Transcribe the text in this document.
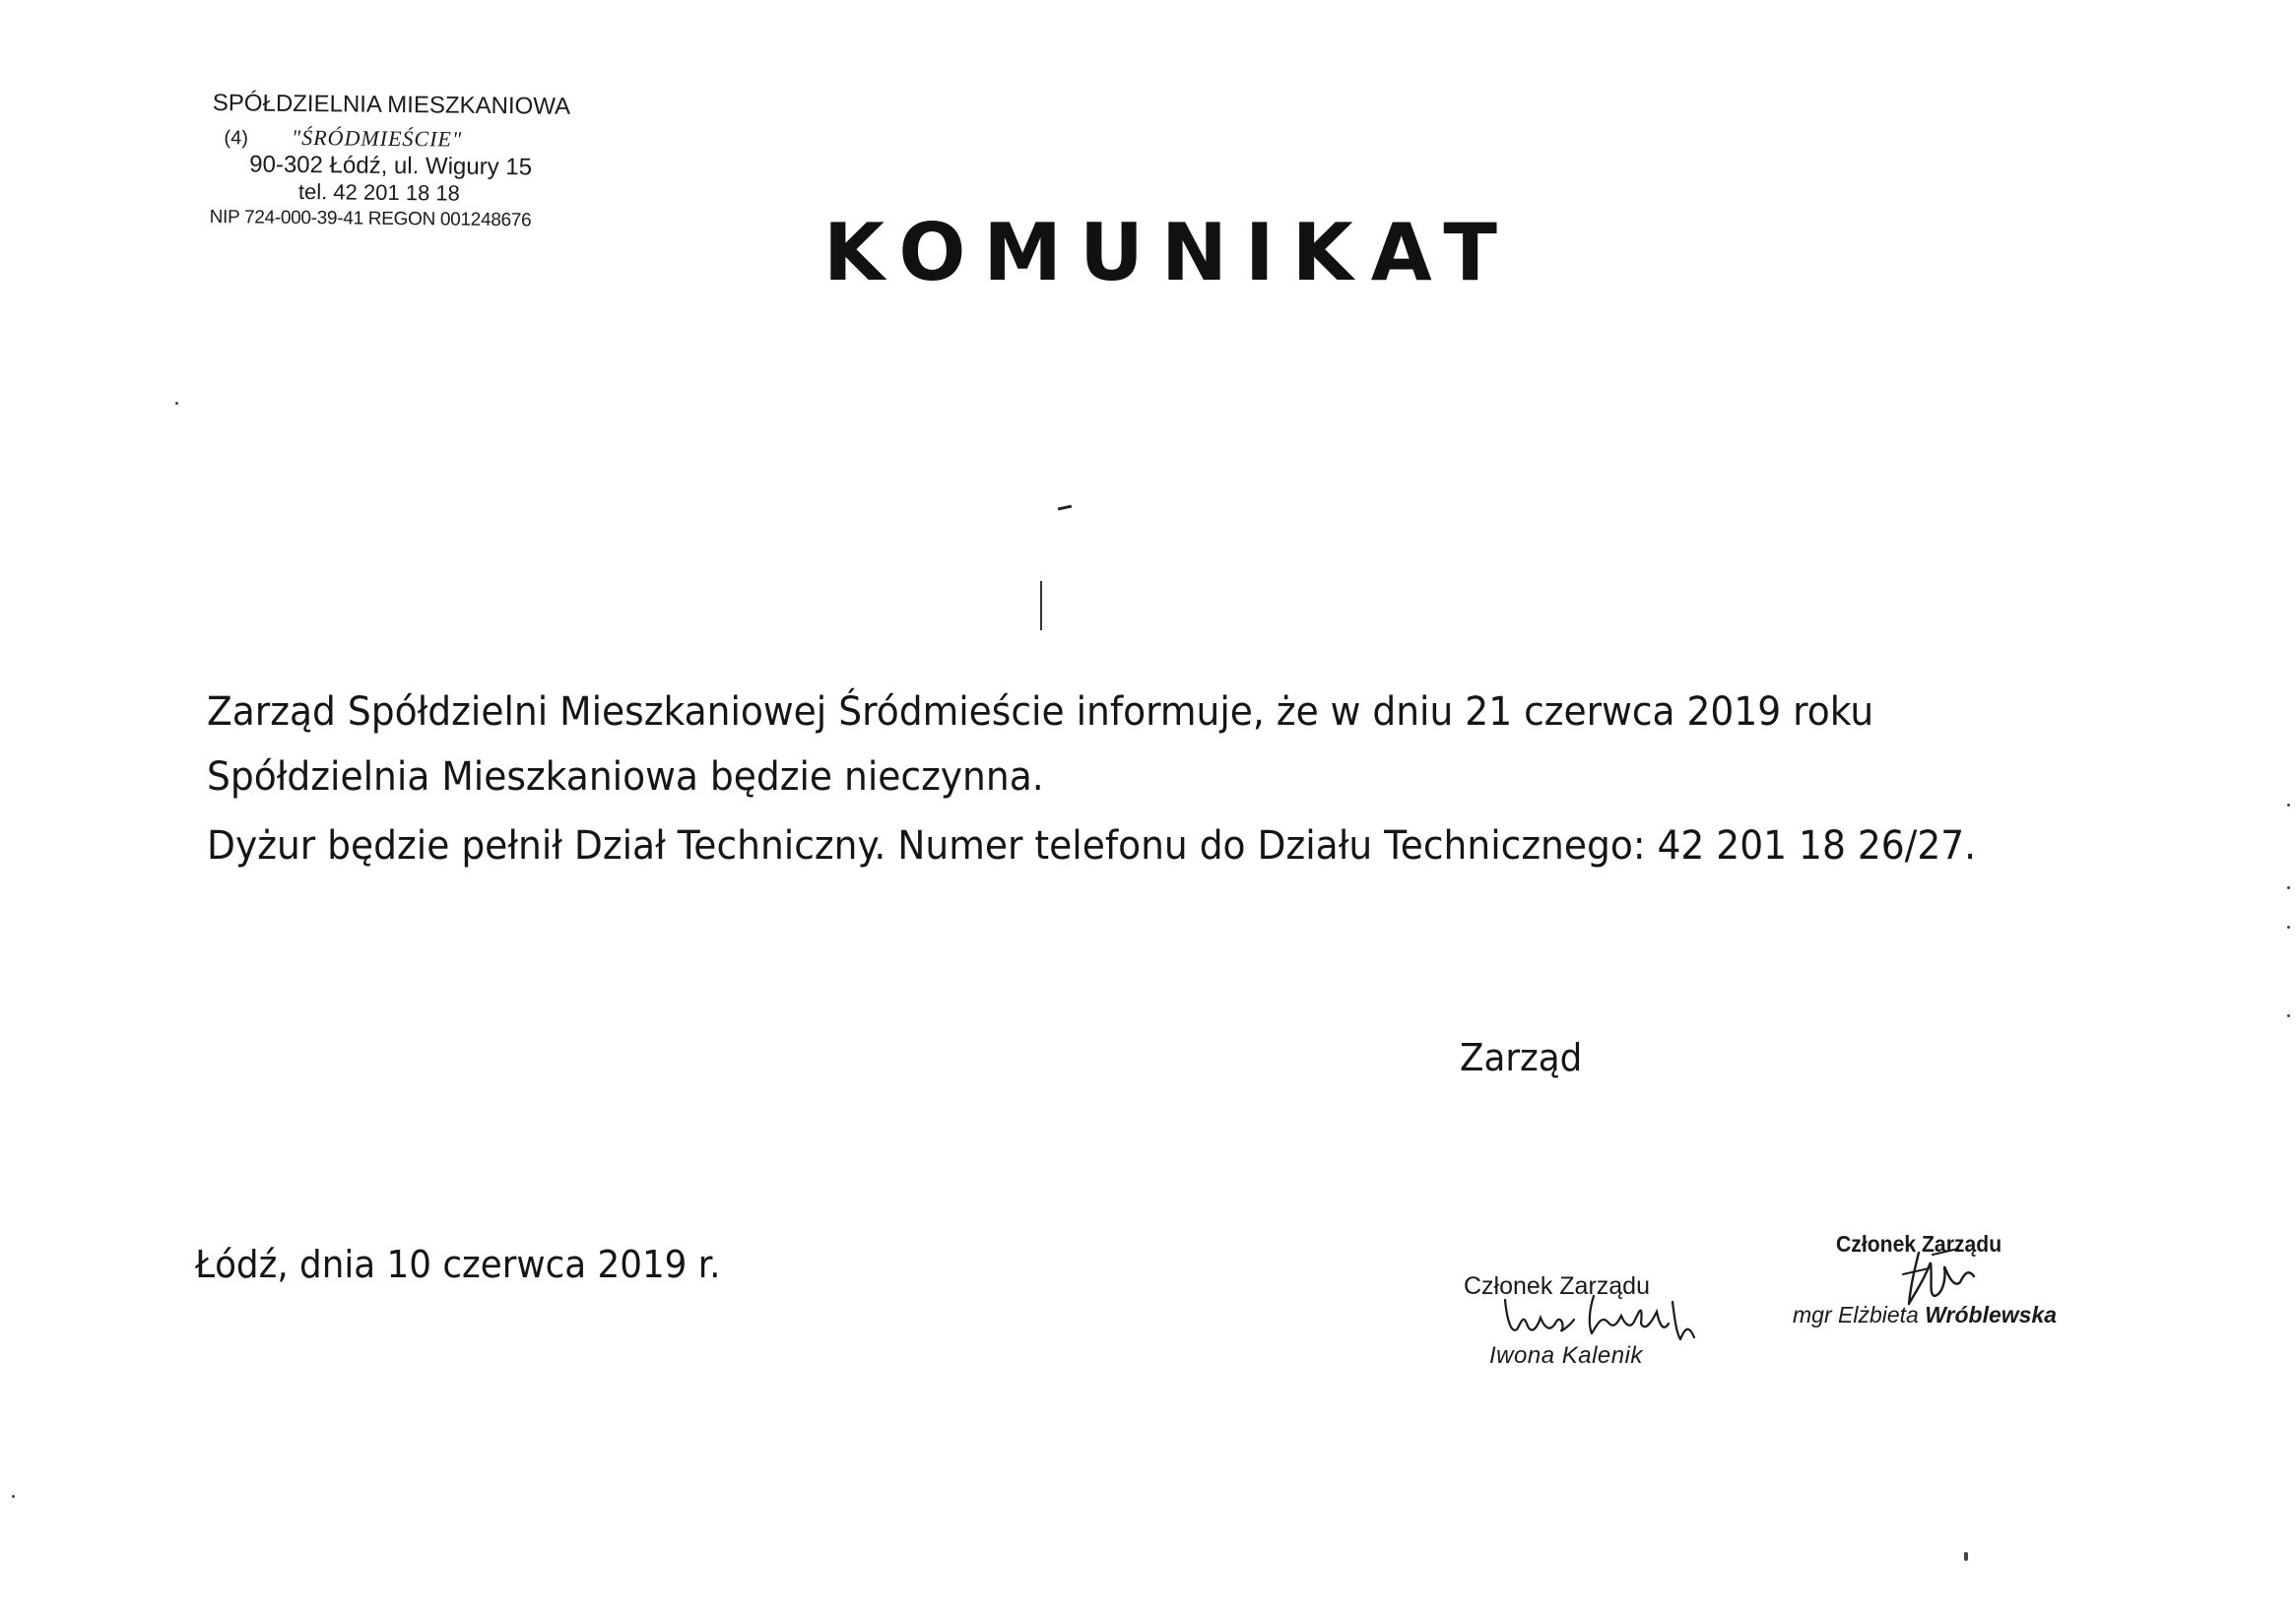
SPÓŁDZIELNIA MIESZKANIOWA
(4) "ŚRÓDMIEŚCIE"
90-302 Łódź, ul. Wigury 15
tel. 42 201 18 18
NIP 724-000-39-41 REGON 001248676	KOMUNIKAT
Zarząd Spółdzielni Mieszkaniowej Śródmieście informuje, że w dniu 21 czerwca 2019 roku
Spółdzielnia Mieszkaniowa będzie nieczynna.
Dyżur będzie pełnił Dział Techniczny. Numer telefonu do Działu Technicznego: 42 201 18 26/27.
Zarząd
Łódź, dnia 10 czerwca 2019 r.	Członek Zarządu
Iwona Kalenik
Członek Zarządu
mgr Elżbieta Wróblewska
